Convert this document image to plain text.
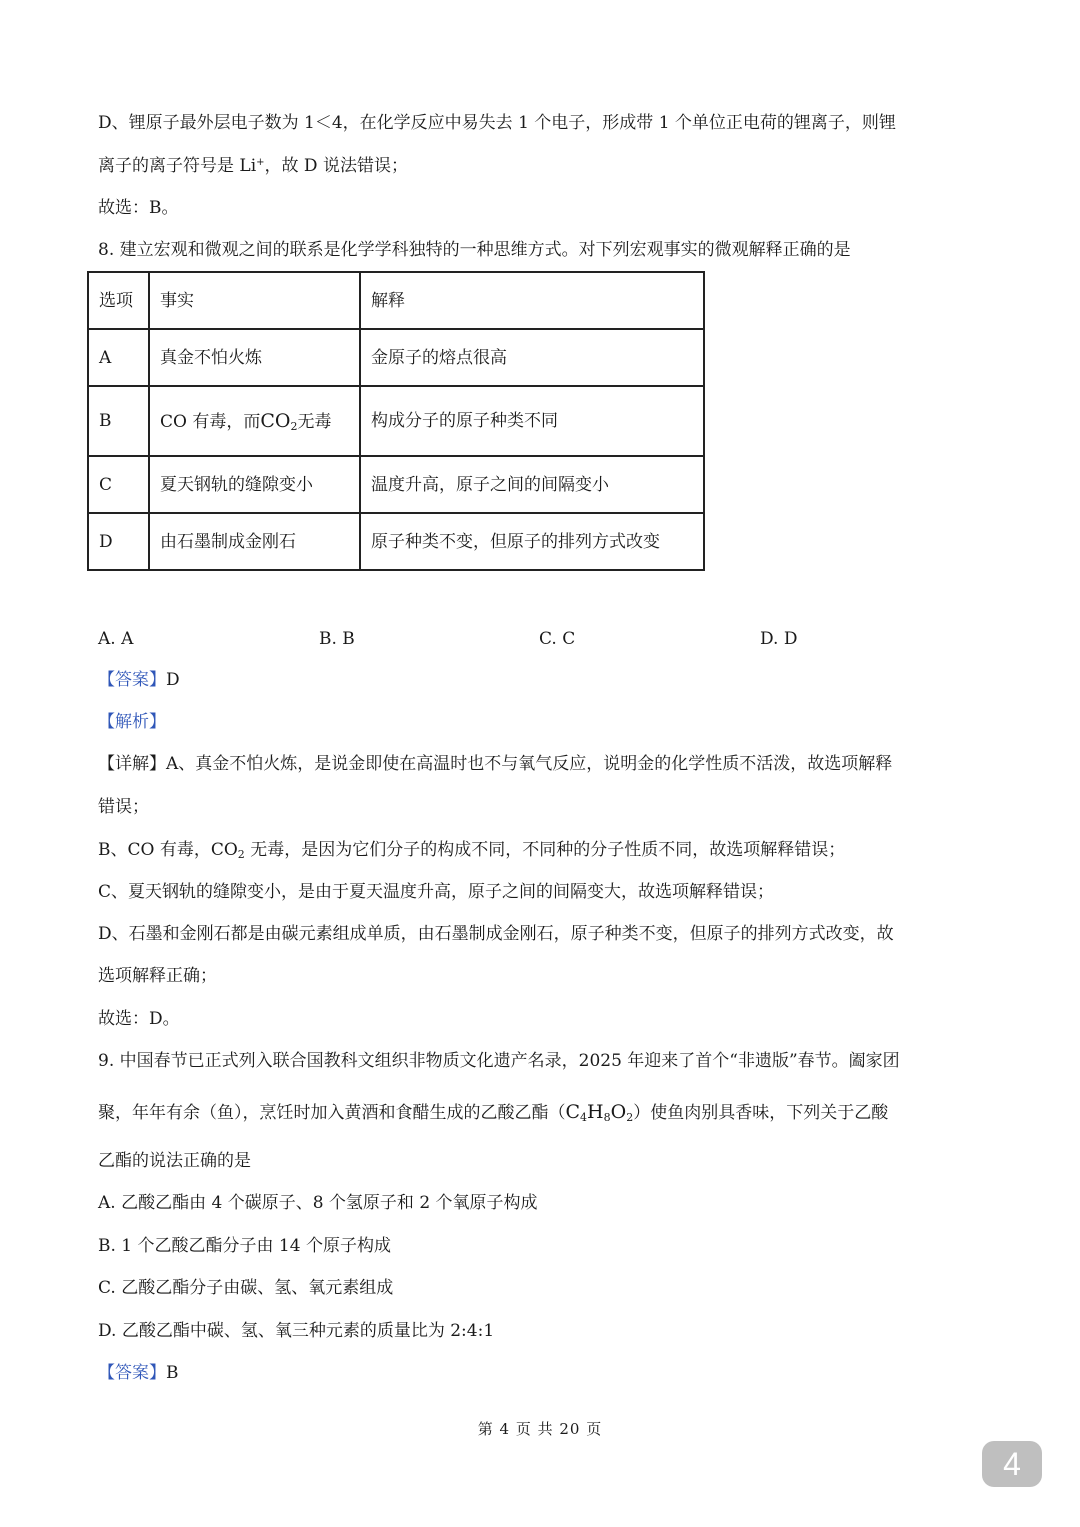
D、锂原子最外层电子数为 1＜4，在化学反应中易失去 1 个电子，形成带 1 个单位正电荷的锂离子，则锂
离子的离子符号是 Li+，故 D 说法错误；
故选：B。
8. 建立宏观和微观之间的联系是化学学科独特的一种思维方式。对下列宏观事实的微观解释正确的是
选项	事实	解释
A	真金不怕火炼	金原子的熔点很高
B	CO 有毒，而$CO_2$无毒	构成分子的原子种类不同
C	夏天钢轨的缝隙变小	温度升高，原子之间的间隔变小
D	由石墨制成金刚石	原子种类不变，但原子的排列方式改变
A. A	B. B	C. C	D. D
【答案】D
【解析】
【详解】A、真金不怕火炼，是说金即使在高温时也不与氧气反应，说明金的化学性质不活泼，故选项解释
错误；
B、CO 有毒，$CO_2$ 无毒，是因为它们分子的构成不同，不同种的分子性质不同，故选项解释错误；
C、夏天钢轨的缝隙变小，是由于夏天温度升高，原子之间的间隔变大，故选项解释错误；
D、石墨和金刚石都是由碳元素组成单质，由石墨制成金刚石，原子种类不变，但原子的排列方式改变，故
选项解释正确；
故选：D。
9. 中国春节已正式列入联合国教科文组织非物质文化遗产名录，2025 年迎来了首个“非遗版”春节。阖家团
聚，年年有余（鱼），烹饪时加入黄酒和食醋生成的乙酸乙酯$(C_4H_8O_2)$使鱼肉别具香味，下列关于乙酸
乙酯的说法正确的是
A. 乙酸乙酯由 4 个碳原子、8 个氢原子和 2 个氧原子构成
B. 1 个乙酸乙酯分子由 14 个原子构成
C. 乙酸乙酯分子由碳、氢、氧元素组成
D. 乙酸乙酯中碳、氢、氧三种元素的质量比为 2:4:1
【答案】B
第 4 页 共 20 页
4
